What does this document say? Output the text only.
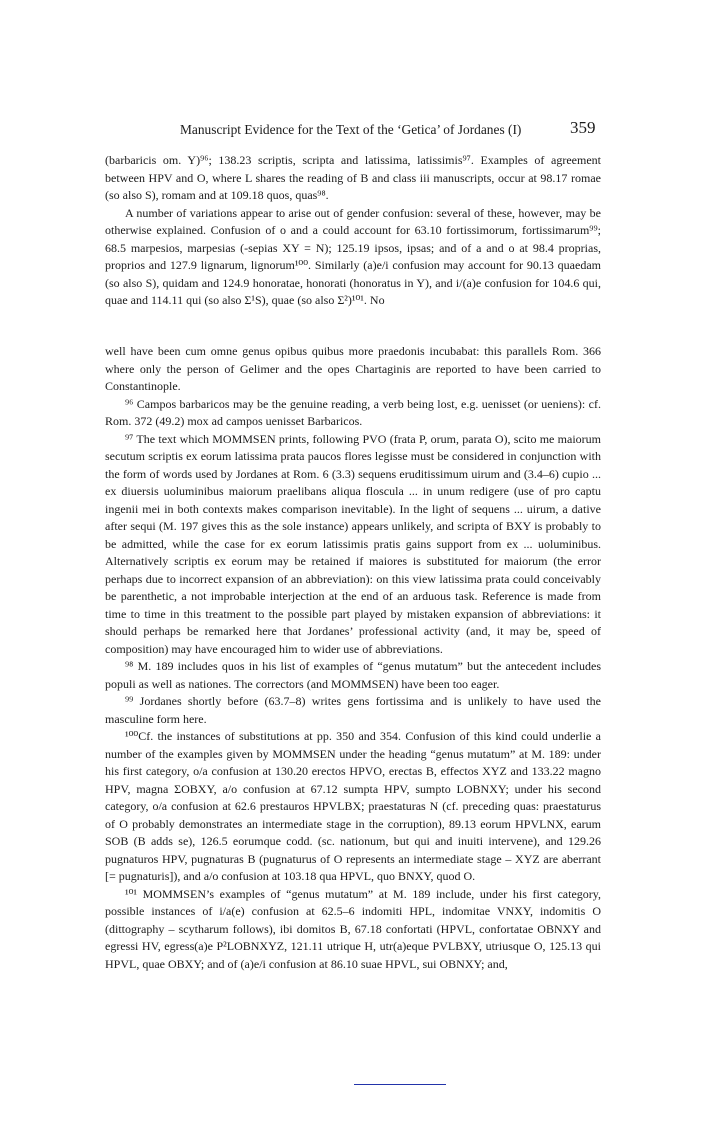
Manuscript Evidence for the Text of the ‘Getica’ of Jordanes (I)	359

(barbaricis om. Y)⁹⁶; 138.23 scriptis, scripta and latissima, latissimis⁹⁷. Examples of agreement between HPV and O, where L shares the reading of B and class iii manuscripts, occur at 98.17 romae (so also S), romam and at 109.18 quos, quas⁹⁸.

A number of variations appear to arise out of gender confusion: several of these, however, may be otherwise explained. Confusion of o and a could account for 63.10 fortissimorum, fortissimarum⁹⁹; 68.5 marpesios, marpesias (-sepias XY = N); 125.19 ipsos, ipsas; and of a and o at 98.4 proprias, proprios and 127.9 lignarum, lignorum¹⁰⁰. Similarly (a)e/i confusion may account for 90.13 quaedam (so also S), quidam and 124.9 honoratae, honorati (honoratus in Y), and i/(a)e confusion for 104.6 qui, quae and 114.11 qui (so also Σ¹S), quae (so also Σ²)¹⁰¹. No

well have been cum omne genus opibus quibus more praedonis incubabat: this parallels Rom. 366 where only the person of Gelimer and the opes Chartaginis are reported to have been carried to Constantinople.

⁹⁶ Campos barbaricos may be the genuine reading, a verb being lost, e.g. uenisset (or ueniens): cf. Rom. 372 (49.2) mox ad campos uenisset Barbaricos.

⁹⁷ The text which MOMMSEN prints, following PVO (frata P, orum, parata O), scito me maiorum secutum scriptis ex eorum latissima prata paucos flores legisse must be considered in conjunction with the form of words used by Jordanes at Rom. 6 (3.3) sequens eruditissimum uirum and (3.4–6) cupio ... ex diuersis uoluminibus maiorum praelibans aliqua floscula ... in unum redigere (use of pro captu ingenii mei in both contexts makes comparison inevitable). In the light of sequens ... uirum, a dative after sequi (M. 197 gives this as the sole instance) appears unlikely, and scripta of BXY is probably to be admitted, while the case for ex eorum latissimis pratis gains support from ex ... uoluminibus. Alternatively scriptis ex eorum may be retained if maiores is substituted for maiorum (the error perhaps due to incorrect expansion of an abbreviation): on this view latissima prata could conceivably be parenthetic, a not improbable interjection at the end of an arduous task. Reference is made from time to time in this treatment to the possible part played by mistaken expansion of abbreviations: it should perhaps be remarked here that Jordanes’ professional activity (and, it may be, speed of composition) may have encouraged him to wider use of abbreviations.

⁹⁸ M. 189 includes quos in his list of examples of “genus mutatum” but the antecedent includes populi as well as nationes. The correctors (and MOMMSEN) have been too eager.

⁹⁹ Jordanes shortly before (63.7–8) writes gens fortissima and is unlikely to have used the masculine form here.

¹⁰⁰Cf. the instances of substitutions at pp. 350 and 354. Confusion of this kind could underlie a number of the examples given by MOMMSEN under the heading “genus mutatum” at M. 189: under his first category, o/a confusion at 130.20 erectos HPVO, erectas B, effectos XYZ and 133.22 magno HPV, magna ΣOBXY, a/o confusion at 67.12 sumpta HPV, sumpto LOBNXY; under his second category, o/a confusion at 62.6 prestauros HPVLBX; praestaturas N (cf. preceding quas: praestaturus of O probably demonstrates an intermediate stage in the corruption), 89.13 eorum HPVLNX, earum SOB (B adds se), 126.5 eorumque codd. (sc. nationum, but qui and inuiti intervene), and 129.26 pugnaturos HPV, pugnaturas B (pugnaturus of O represents an intermediate stage – XYZ are aberrant [= pugnaturis]), and a/o confusion at 103.18 qua HPVL, quo BNXY, quod O.

¹⁰¹ MOMMSEN’s examples of “genus mutatum” at M. 189 include, under his first category, possible instances of i/a(e) confusion at 62.5–6 indomiti HPL, indomitae VNXY, indomitis O (dittography – scytharum follows), ibi domitos B, 67.18 confortati (HPVL, confortatae OBNXY and egressi HV, egress(a)e P²LOBNXYZ, 121.11 utrique H, utr(a)eque PVLBXY, utriusque O, 125.13 qui HPVL, quae OBXY; and of (a)e/i confusion at 86.10 suae HPVL, sui OBNXY; and,
